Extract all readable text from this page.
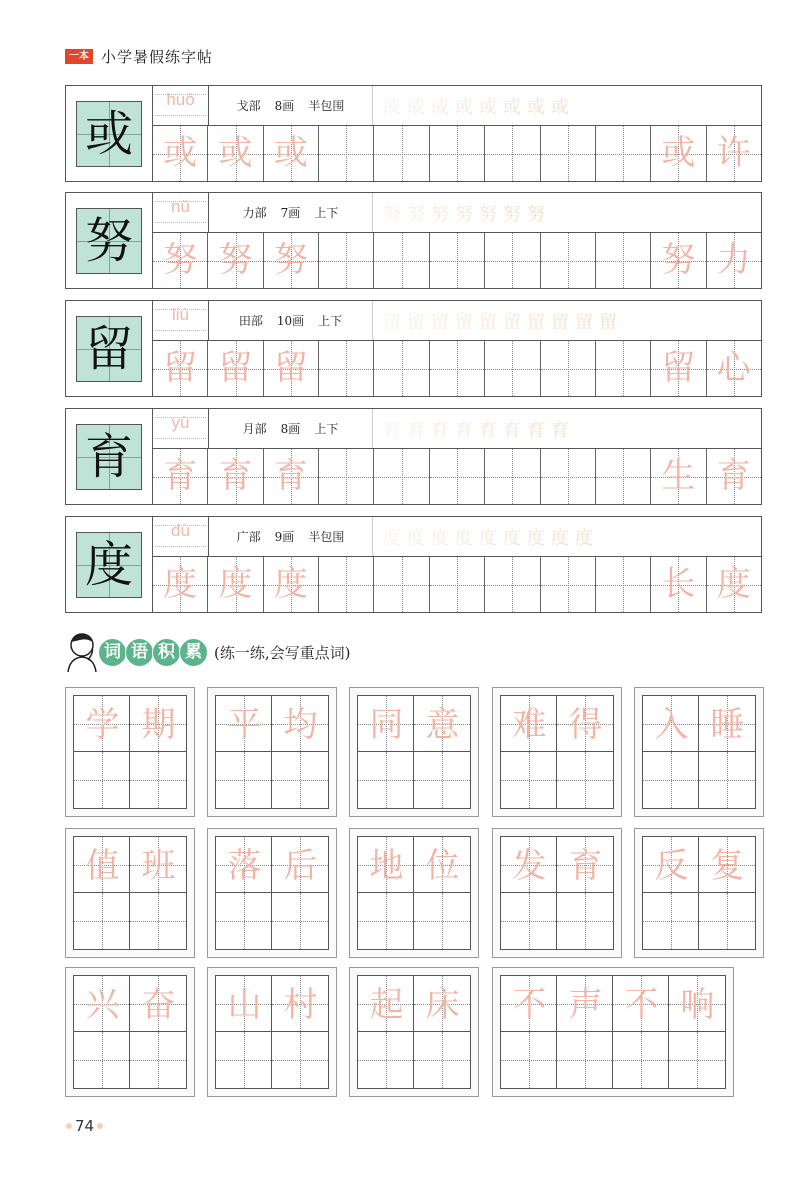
一本 小学暑假练字帖
或
huò	戈部 8画 半包围 或 或 或 或 或 或 或 或
或 或 或	或 许
努
nǔ	力部 7画 上下 努 努 努 努 努 努 努
努 努 努	努 力
留
liú	田部 10画 上下 留 留 留 留 留 留 留 留 留 留
留 留 留	留 心
育
yù	月部 8画 上下 育 育 育 育 育 育 育 育
育 育 育	生 育
度
dù	广部 9画 半包围 度 度 度 度 度 度 度 度 度
度 度 度	长 度
词 语 积 累 (练一练,会写重点词)
学期 平均 同意 难得 入睡
值班 落后 地位 发育 反复
兴奋 山村 起床 不声不响
74
